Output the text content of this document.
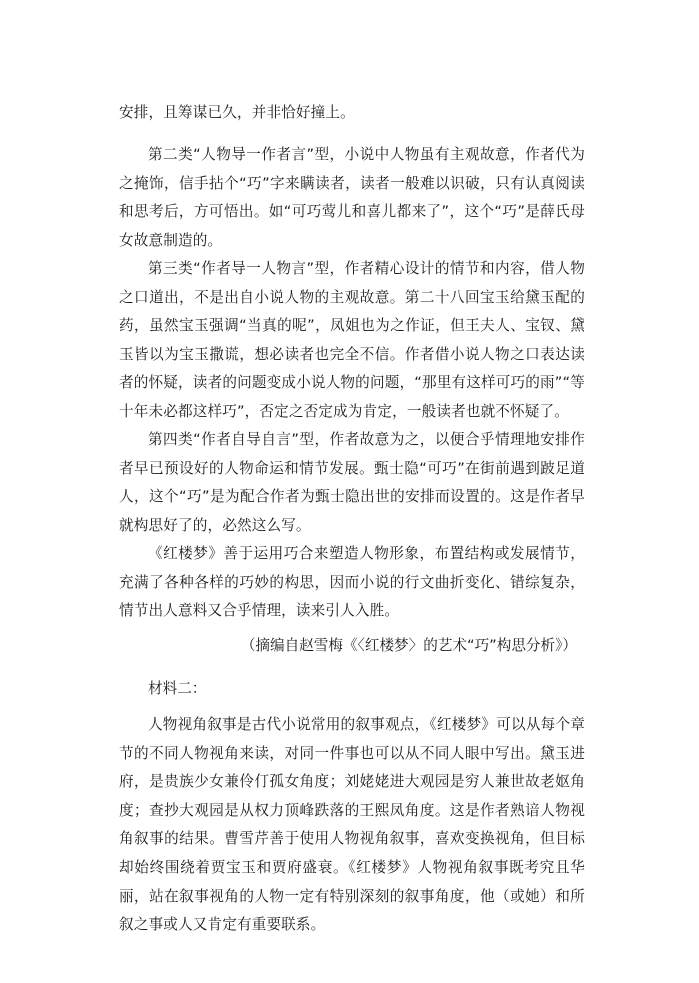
安排，且筹谋已久，并非恰好撞上。

第二类“人物导一作者言”型，小说中人物虽有主观故意，作者代为之掩饰，信手拈个“巧”字来瞒读者，读者一般难以识破，只有认真阅读和思考后，方可悟出。如“可巧莺儿和喜儿都来了”，这个“巧”是薛氏母女故意制造的。

第三类“作者导一人物言”型，作者精心设计的情节和内容，借人物之口道出，不是出自小说人物的主观故意。第二十八回宝玉给黛玉配的药，虽然宝玉强调“当真的呢”，凤姐也为之作证，但王夫人、宝钗、黛玉皆以为宝玉撒谎，想必读者也完全不信。作者借小说人物之口表达读者的怀疑，读者的问题变成小说人物的问题，“那里有这样可巧的雨”“等十年未必都这样巧”，否定之否定成为肯定，一般读者也就不怀疑了。

第四类“作者自导自言”型，作者故意为之，以便合乎情理地安排作者早已预设好的人物命运和情节发展。甄士隐“可巧”在街前遇到跛足道人，这个“巧”是为配合作者为甄士隐出世的安排而设置的。这是作者早就构思好了的，必然这么写。

《红楼梦》善于运用巧合来塑造人物形象，布置结构或发展情节，充满了各种各样的巧妙的构思，因而小说的行文曲折变化、错综复杂，情节出人意料又合乎情理，读来引人入胜。

（摘编自赵雪梅《〈红楼梦〉的艺术“巧”构思分析》）

材料二：

人物视角叙事是古代小说常用的叙事观点，《红楼梦》可以从每个章节的不同人物视角来读，对同一件事也可以从不同人眼中写出。黛玉进府，是贵族少女兼伶仃孤女角度；刘姥姥进大观园是穷人兼世故老妪角度；查抄大观园是从权力顶峰跌落的王熙凤角度。这是作者熟谙人物视角叙事的结果。曹雪芹善于使用人物视角叙事，喜欢变换视角，但目标却始终围绕着贾宝玉和贾府盛衰。《红楼梦》人物视角叙事既考究且华丽，站在叙事视角的人物一定有特别深刻的叙事角度，他（或她）和所叙之事或人又肯定有重要联系。
